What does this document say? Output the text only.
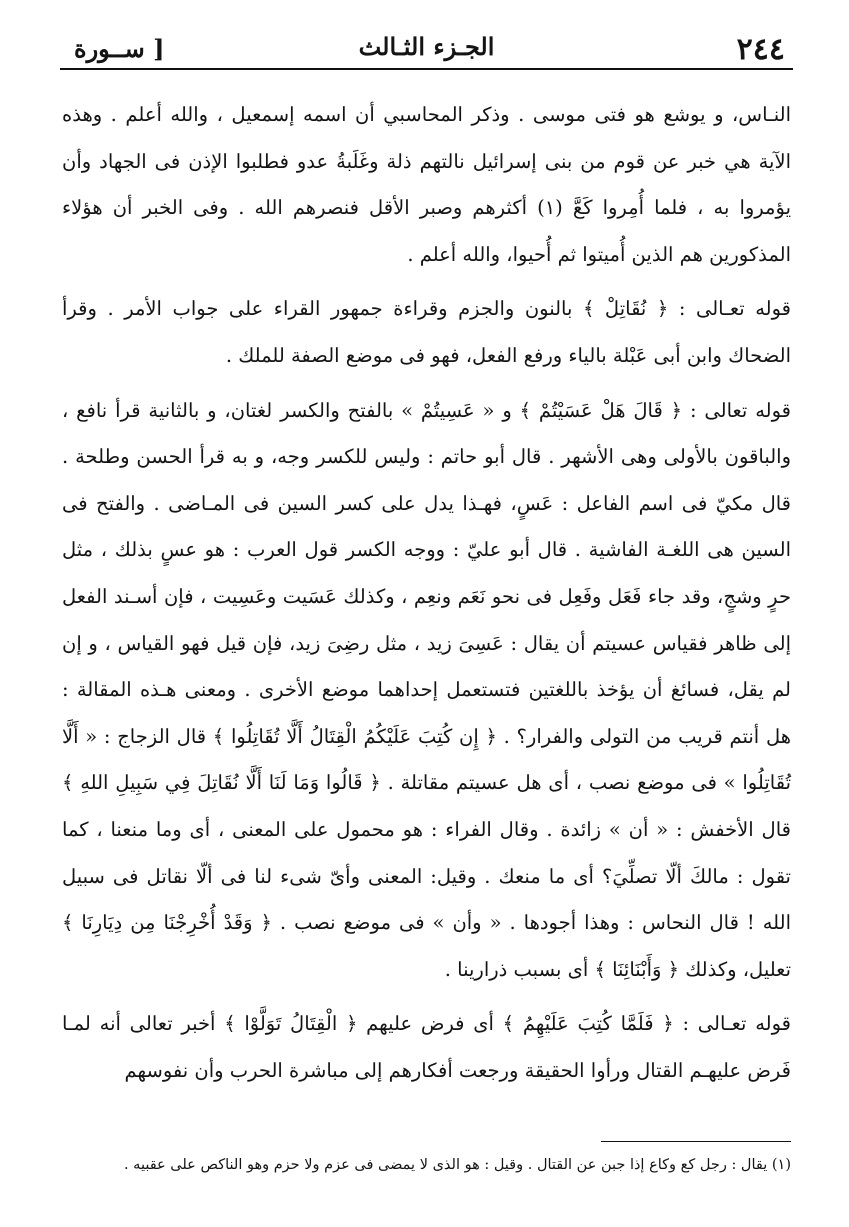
٢٤٤
الجـزء الثـالث
[ ســورة

النـاس، و يوشع هو فتى موسى . وذكر المحاسبي أن اسمه إسمعيل ، والله أعلم . وهذه الآية هي خبر عن قوم من بنى إسرائيل نالتهم ذلة وغَلَبةُ عدو فطلبوا الإذن فى الجهاد وأن يؤمروا به ، فلما أُمِروا كَعَّ (١) أكثرهم وصبر الأقل فنصرهم الله . وفى الخبر أن هؤلاء المذكورين هم الذين أُميتوا ثم أُحيوا، والله أعلم .

قوله تعـالى : ﴿ نُقَاتِلْ ﴾ بالنون والجزم وقراءة جمهور القراء على جواب الأمر . وقرأ الضحاك وابن أبى عَبْلة بالياء ورفع الفعل، فهو فى موضع الصفة للملك .

قوله تعالى : ﴿ قَالَ هَلْ عَسَيْتُمْ ﴾ و « عَسِيتُمْ » بالفتح والكسر لغتان، و بالثانية قرأ نافع ، والباقون بالأولى وهى الأشهر . قال أبو حاتم : وليس للكسر وجه، و به قرأ الحسن وطلحة . قال مكيّ فى اسم الفاعل : عَسٍ، فهـذا يدل على كسر السين فى المـاضى . والفتح فى السين هى اللغـة الفاشية . قال أبو عليّ : ووجه الكسر قول العرب : هو عسٍ بذلك ، مثل حرٍ وشجٍ، وقد جاء فَعَل وفَعِل فى نحو نَعَم ونعِم ، وكذلك عَسَيت وعَسِيت ، فإن أسـند الفعل إلى ظاهر فقياس عسيتم أن يقال : عَسِىَ زيد ، مثل رضِىَ زيد، فإن قيل فهو القياس ، و إن لم يقل، فسائغ أن يؤخذ باللغتين فتستعمل إحداهما موضع الأخرى . ومعنى هـذه المقالة : هل أنتم قريب من التولى والفرار؟ . ﴿ إِن كُتِبَ عَلَيْكُمُ الْقِتَالُ أَلَّا تُقَاتِلُوا ﴾ قال الزجاج : « أَلَّا تُقَاتِلُوا » فى موضع نصب ، أى هل عسيتم مقاتلة . ﴿ قَالُوا وَمَا لَنَا أَلَّا نُقَاتِلَ فِي سَبِيلِ اللهِ ﴾ قال الأخفش : « أن » زائدة . وقال الفراء : هو محمول على المعنى ، أى وما منعنا ، كما تقول : مالكَ ألّا تصلِّيَ؟ أى ما منعك . وقيل: المعنى وأىّ شىء لنا فى ألّا نقاتل فى سبيل الله ! قال النحاس : وهذا أجودها . « وأن » فى موضع نصب . ﴿ وَقَدْ أُخْرِجْنَا مِن دِيَارِنَا ﴾ تعليل، وكذلك ﴿ وَأَبْنَائِنَا ﴾ أى بسبب ذرارينا .

قوله تعـالى : ﴿ فَلَمَّا كُتِبَ عَلَيْهِمُ ﴾ أى فرض عليهم ﴿ الْقِتَالُ تَوَلَّوْا ﴾ أخبر تعالى أنه لمـا فَرض عليهـم القتال ورأوا الحقيقة ورجعت أفكارهم إلى مباشرة الحرب وأن نفوسهم

(١) يقال : رجل كع وكاع إذا جبن عن القتال . وقيل : هو الذى لا يمضى فى عزم ولا حزم وهو الناكص على عقبيه .
